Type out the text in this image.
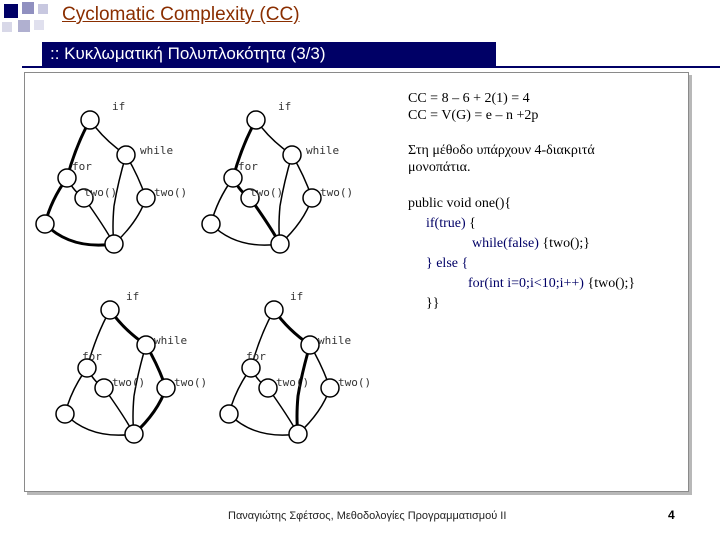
Cyclomatic Complexity (CC)
:: Κυκλωματική Πολυπλοκότητα (3/3)
if
while
for
two()	two()
if
while
for
two()	two()
if
while
for
two()	two()
if
while
for
two()	two()
CC = 8 – 6 + 2(1) = 4
CC = V(G) = e – n +2p
Στη μέθοδο υπάρχουν 4-διακριτά
μονοπάτια.
public void one(){
if(true) {
while(false) {two();}
} else {
for(int i=0;i<10;i++) {two();}
}}
Παναγιώτης Σφέτσος, Μεθοδολογίες Προγραμματισμού II	4
